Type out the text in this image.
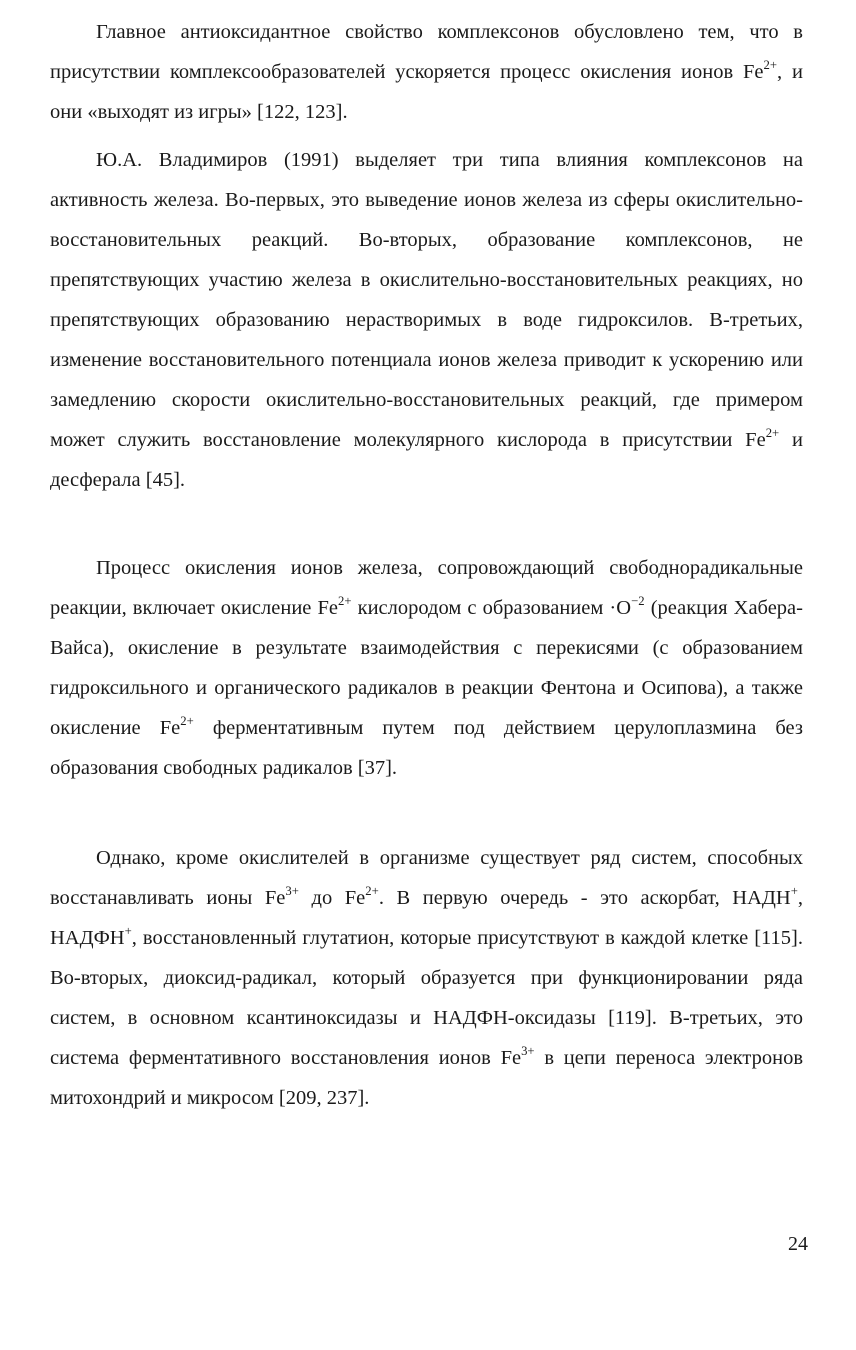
Главное антиоксидантное свойство комплексонов обусловлено тем, что в присутствии комплексообразователей ускоряется процесс окисления ионов $Fe^{2+}$, и они «выходят из игры» [122, 123].

Ю.А. Владимиров (1991) выделяет три типа влияния комплексонов на активность железа. Во-первых, это выведение ионов железа из сферы окислительно-восстановительных реакций. Во-вторых, образование комплексонов, не препятствующих участию железа в окислительно-восстановительных реакциях, но препятствующих образованию нерастворимых в воде гидроксилов. В-третьих, изменение восстановительного потенциала ионов железа приводит к ускорению или замедлению скорости окислительно-восстановительных реакций, где примером может служить восстановление молекулярного кислорода в присутствии $Fe^{2+}$ и десферала [45].

Процесс окисления ионов железа, сопровождающий свободнорадикальные реакции, включает окисление $Fe^{2+}$ кислородом с образованием $\cdot O^{-2}$ (реакция Хабера-Вайса), окисление в результате взаимодействия с перекисями (с образованием гидроксильного и органического радикалов в реакции Фентона и Осипова), а также окисление $Fe^{2+}$ ферментативным путем под действием церулоплазмина без образования свободных радикалов [37].

Однако, кроме окислителей в организме существует ряд систем, способных восстанавливать ионы $Fe^{3+}$ до $Fe^{2+}$. В первую очередь - это аскорбат, НАДН+, НАДФН+, восстановленный глутатион, которые присутствуют в каждой клетке [115]. Во-вторых, диоксид-радикал, который образуется при функционировании ряда систем, в основном ксантиноксидазы и НАДФН-оксидазы [119]. В-третьих, это система ферментативного восстановления ионов $Fe^{3+}$ в цепи переноса электронов митохондрий и микросом [209, 237].

24
